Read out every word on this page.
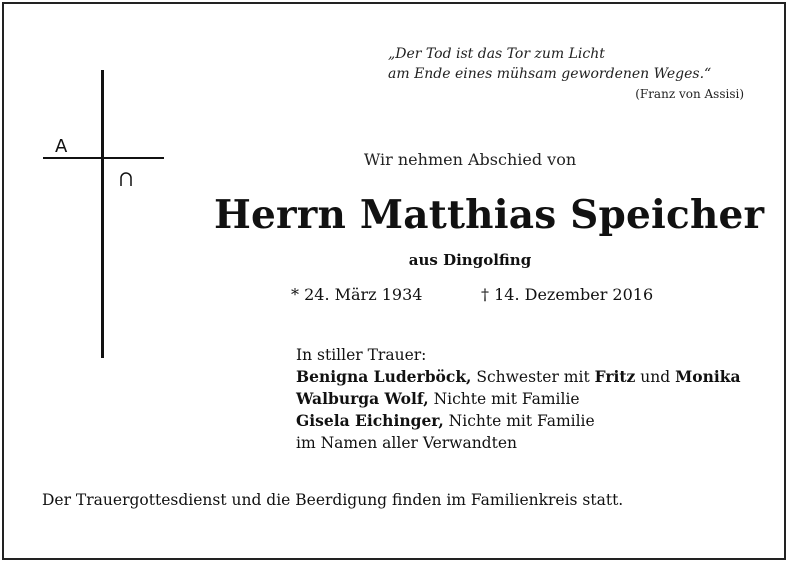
„Der Tod ist das Tor zum Licht
am Ende eines mühsam gewordenen Weges.“
(Franz von Assisi)
A
Wir nehmen Abschied von
Herrn Matthias Speicher
aus Dingolfing
* 24. März 1934	† 14. Dezember 2016
In stiller Trauer:
Benigna Luderböck, Schwester mit Fritz und Monika
Walburga Wolf, Nichte mit Familie
Gisela Eichinger, Nichte mit Familie
im Namen aller Verwandten
Der Trauergottesdienst und die Beerdigung finden im Familienkreis statt.
